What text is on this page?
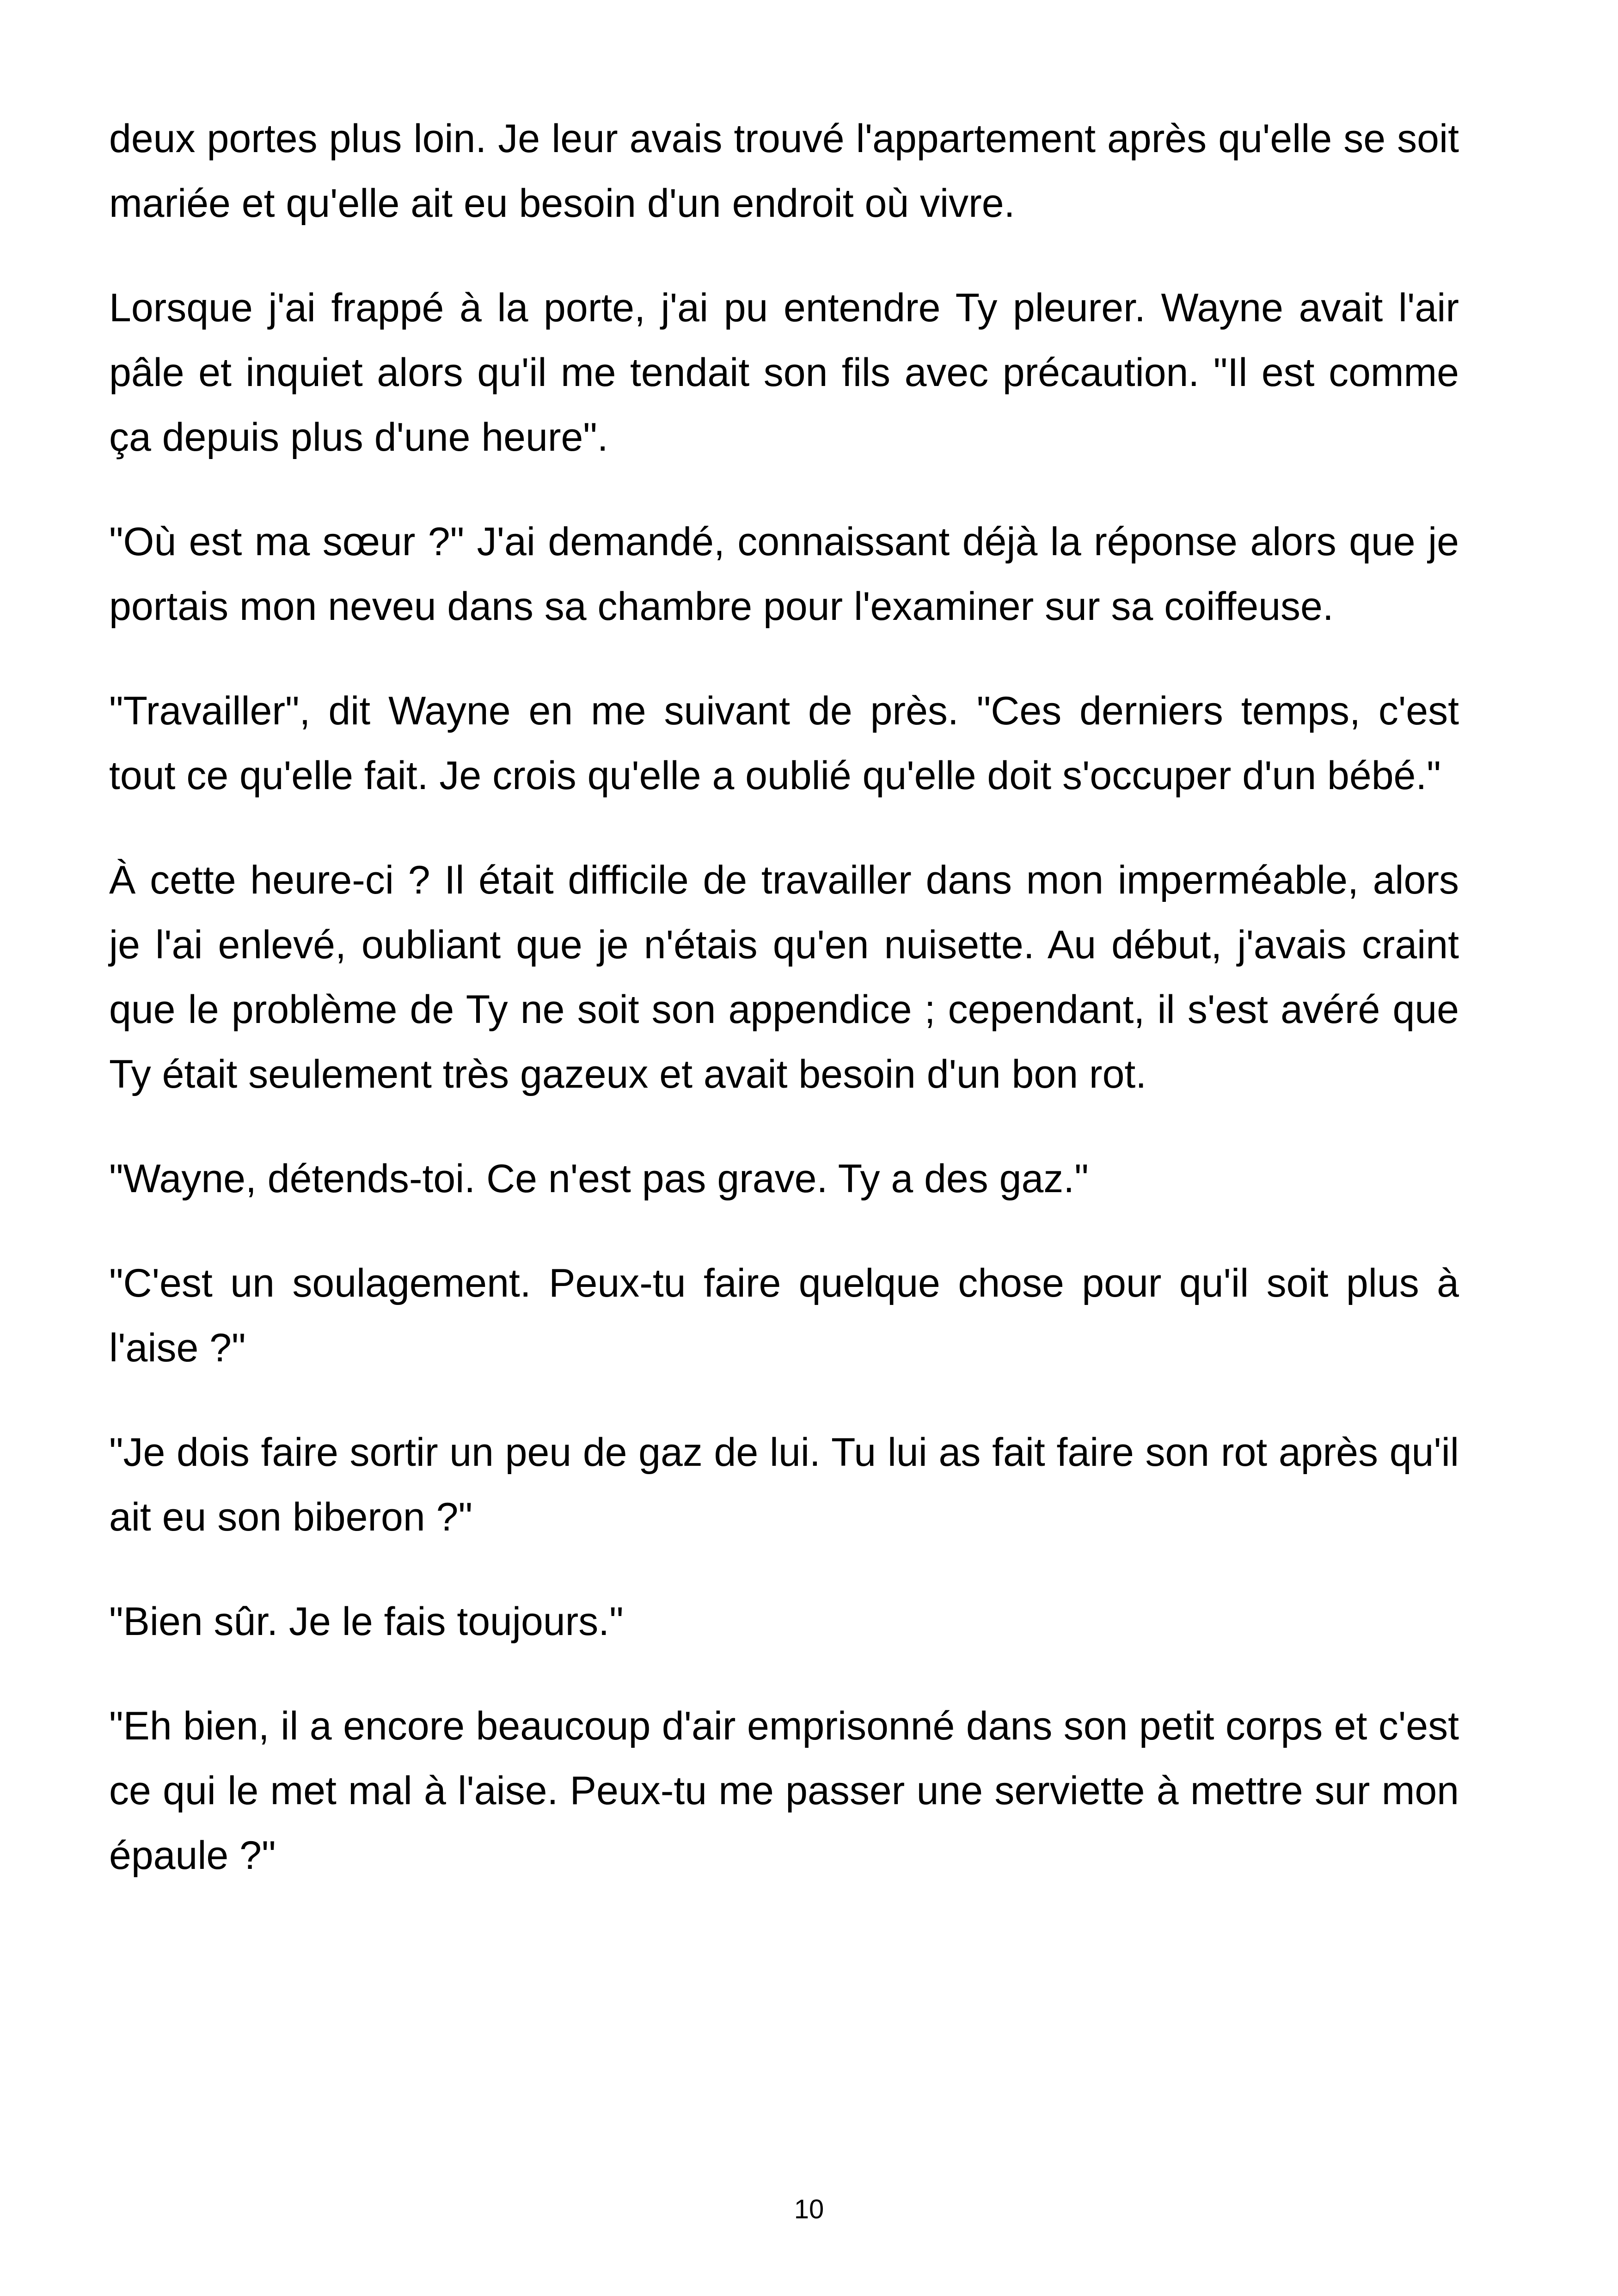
deux portes plus loin. Je leur avais trouvé l'appartement après qu'elle se soit mariée et qu'elle ait eu besoin d'un endroit où vivre.

Lorsque j'ai frappé à la porte, j'ai pu entendre Ty pleurer. Wayne avait l'air pâle et inquiet alors qu'il me tendait son fils avec précaution. "Il est comme ça depuis plus d'une heure".

"Où est ma sœur ?" J'ai demandé, connaissant déjà la réponse alors que je portais mon neveu dans sa chambre pour l'examiner sur sa coiffeuse.

"Travailler", dit Wayne en me suivant de près. "Ces derniers temps, c'est tout ce qu'elle fait. Je crois qu'elle a oublié qu'elle doit s'occuper d'un bébé."

À cette heure-ci ? Il était difficile de travailler dans mon imperméable, alors je l'ai enlevé, oubliant que je n'étais qu'en nuisette. Au début, j'avais craint que le problème de Ty ne soit son appendice ; cependant, il s'est avéré que Ty était seulement très gazeux et avait besoin d'un bon rot.

"Wayne, détends-toi. Ce n'est pas grave. Ty a des gaz."

"C'est un soulagement. Peux-tu faire quelque chose pour qu'il soit plus à l'aise ?"

"Je dois faire sortir un peu de gaz de lui. Tu lui as fait faire son rot après qu'il ait eu son biberon ?"

"Bien sûr. Je le fais toujours."

"Eh bien, il a encore beaucoup d'air emprisonné dans son petit corps et c'est ce qui le met mal à l'aise. Peux-tu me passer une serviette à mettre sur mon épaule ?"

10
